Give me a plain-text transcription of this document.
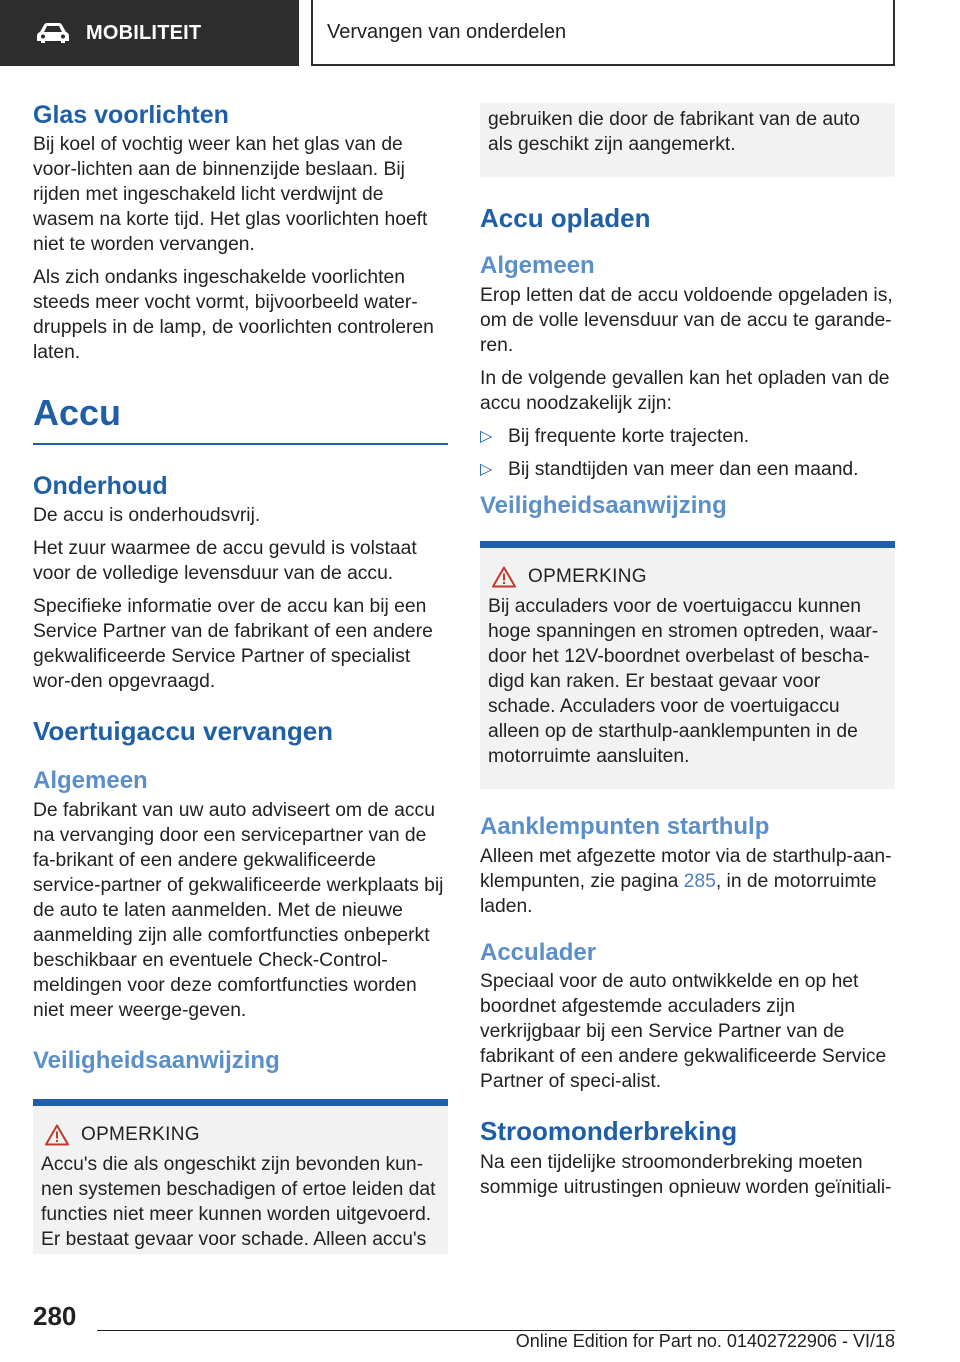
MOBILITEIT	Vervangen van onderdelen
Glas voorlichten

Bij koel of vochtig weer kan het glas van de voor-lichten aan de binnenzijde beslaan. Bij rijden met ingeschakeld licht verdwijnt de wasem na korte tijd. Het glas voorlichten hoeft niet te worden vervangen.

Als zich ondanks ingeschakelde voorlichten steeds meer vocht vormt, bijvoorbeeld water-druppels in de lamp, de voorlichten controleren laten.

Accu
Onderhoud

De accu is onderhoudsvrij.

Het zuur waarmee de accu gevuld is volstaat voor de volledige levensduur van de accu.

Specifieke informatie over de accu kan bij een Service Partner van de fabrikant of een andere gekwalificeerde Service Partner of specialist wor-den opgevraagd.

Voertuigaccu vervangen
Algemeen

De fabrikant van uw auto adviseert om de accu na vervanging door een servicepartner van de fa-brikant of een andere gekwalificeerde service-partner of gekwalificeerde werkplaats bij de auto te laten aanmelden. Met de nieuwe aanmelding zijn alle comfortfuncties onbeperkt beschikbaar en eventuele Check-Control-meldingen voor deze comfortfuncties worden niet meer weerge-geven.

Veiligheidsaanwijzing
OPMERKING

Accu's die als ongeschikt zijn bevonden kun-nen systemen beschadigen of ertoe leiden dat functies niet meer kunnen worden uitgevoerd. Er bestaat gevaar voor schade. Alleen accu's

gebruiken die door de fabrikant van de auto als geschikt zijn aangemerkt.

Accu opladen
Algemeen

Erop letten dat de accu voldoende opgeladen is, om de volle levensduur van de accu te garande-ren.

In de volgende gevallen kan het opladen van de accu noodzakelijk zijn:

▷ Bij frequente korte trajecten.
▷ Bij standtijden van meer dan een maand.
Veiligheidsaanwijzing
OPMERKING

Bij acculaders voor de voertuigaccu kunnen hoge spanningen en stromen optreden, waar-door het 12V-boordnet overbelast of bescha-digd kan raken. Er bestaat gevaar voor schade. Acculaders voor de voertuigaccu alleen op de starthulp-aanklempunten in de motorruimte aansluiten.

Aanklempunten starthulp

Alleen met afgezette motor via de starthulp-aan-klempunten, zie pagina 285, in de motorruimte laden.

Acculader

Speciaal voor de auto ontwikkelde en op het boordnet afgestemde acculaders zijn verkrijgbaar bij een Service Partner van de fabrikant of een andere gekwalificeerde Service Partner of speci-alist.

Stroomonderbreking

Na een tijdelijke stroomonderbreking moeten sommige uitrustingen opnieuw worden geïnitiali-

280
Online Edition for Part no. 01402722906 - VI/18
